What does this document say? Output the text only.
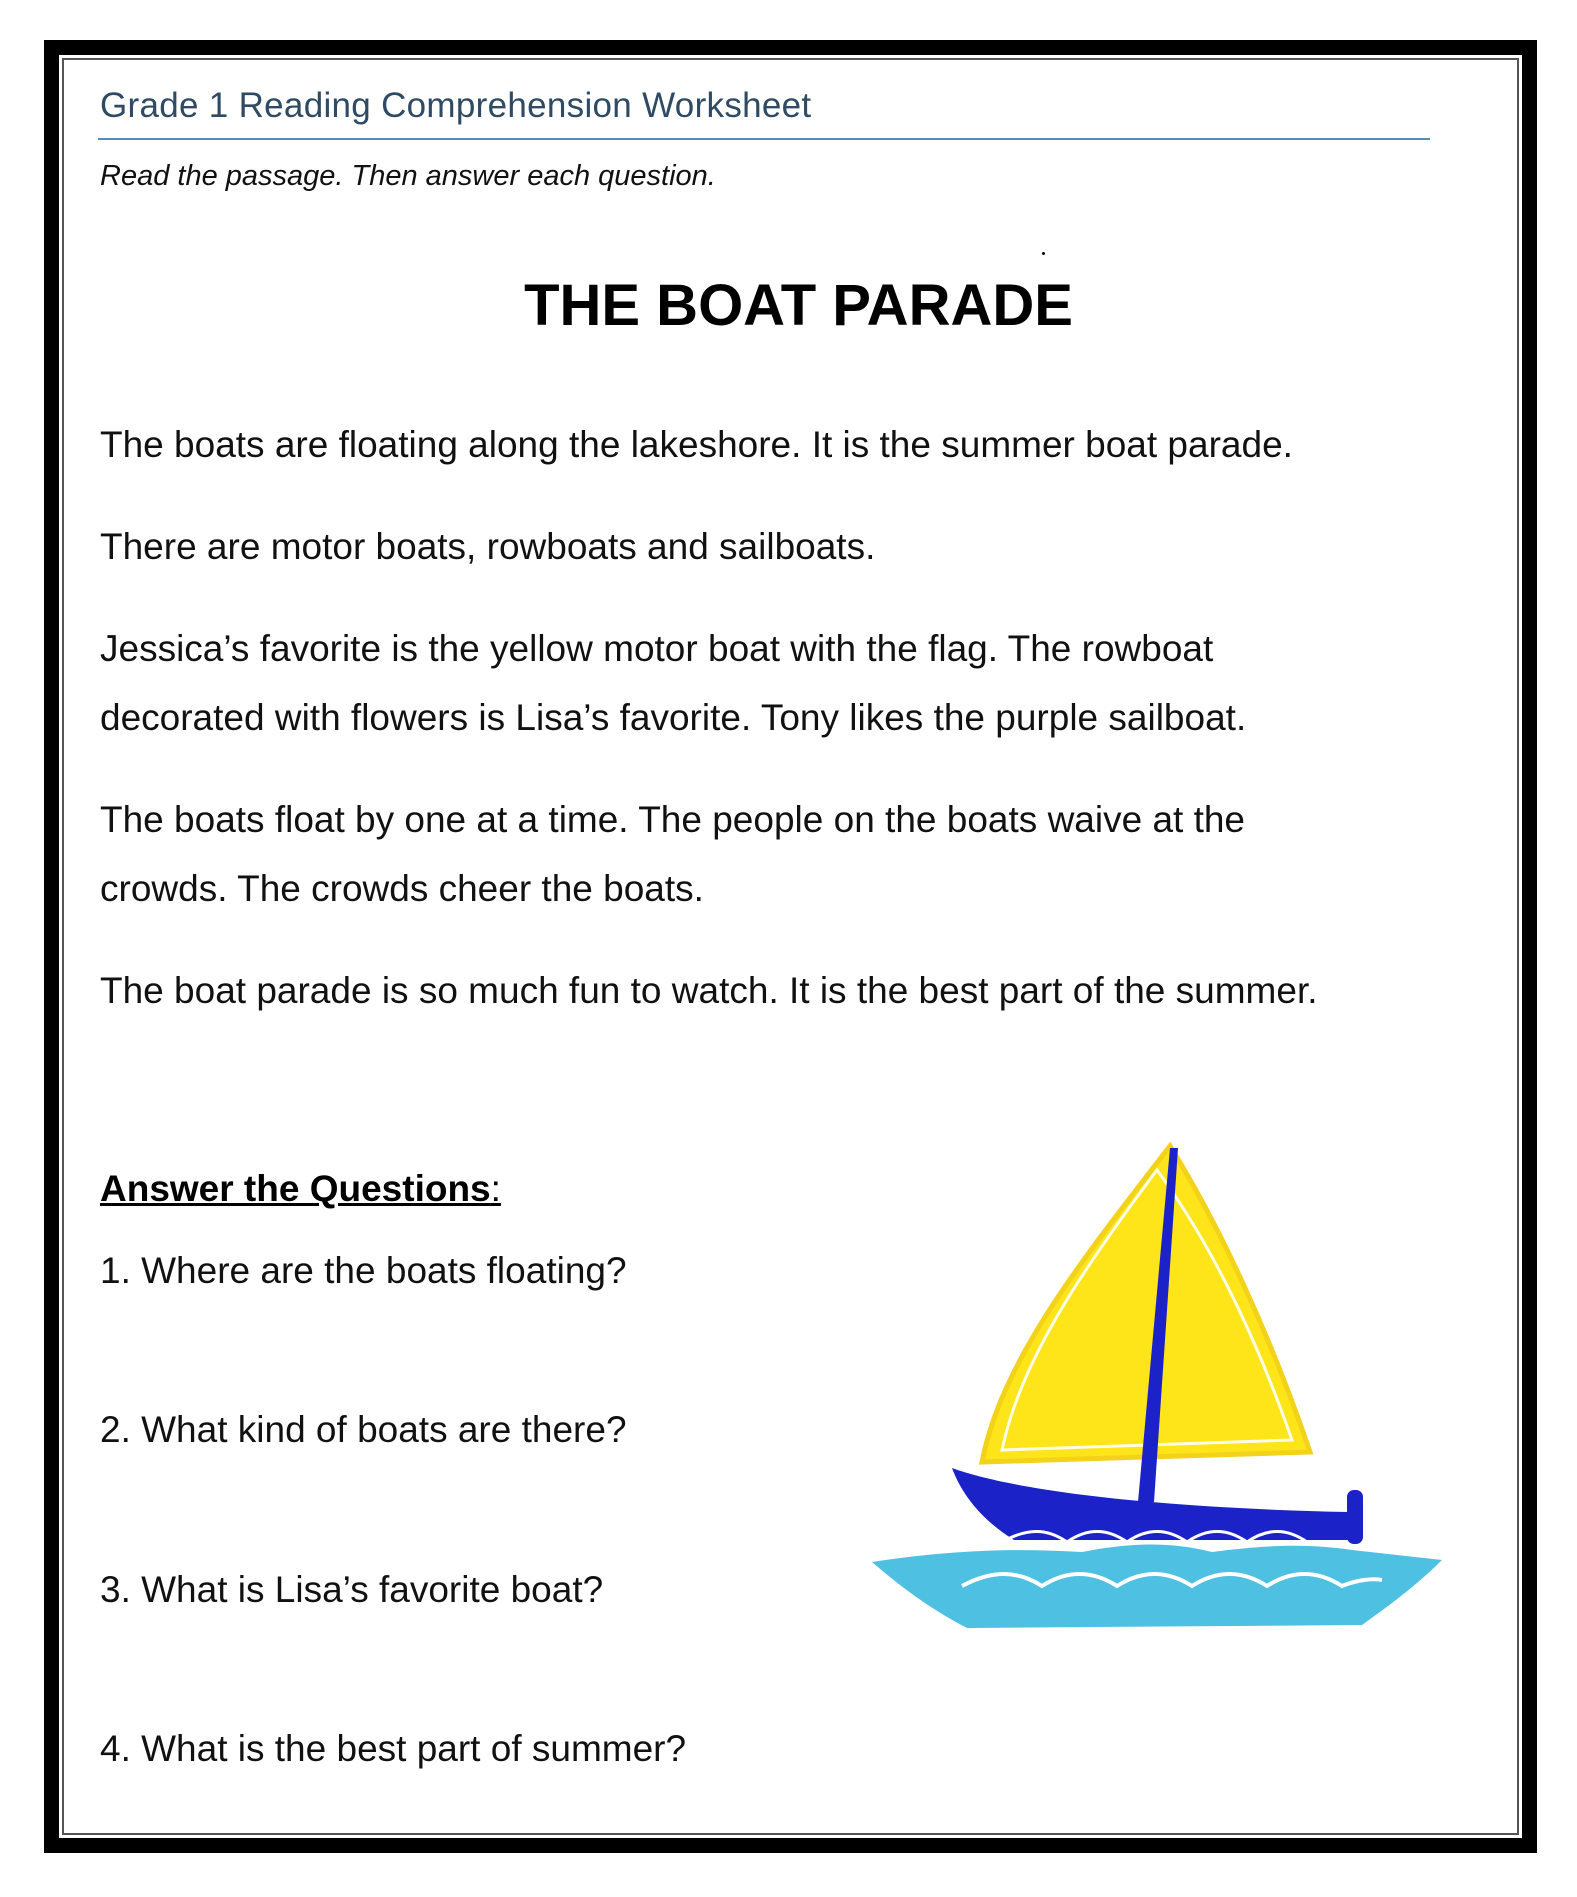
Grade 1 Reading Comprehension Worksheet
Read the passage. Then answer each question.
THE BOAT PARADE

The boats are floating along the lakeshore. It is the summer boat parade.

There are motor boats, rowboats and sailboats.

Jessica’s favorite is the yellow motor boat with the flag. The rowboat
decorated with flowers is Lisa’s favorite. Tony likes the purple sailboat.

The boats float by one at a time. The people on the boats waive at the
crowds. The crowds cheer the boats.

The boat parade is so much fun to watch. It is the best part of the summer.

Answer the Questions:
1. Where are the boats floating?
2. What kind of boats are there?
3. What is Lisa’s favorite boat?
4. What is the best part of summer?
